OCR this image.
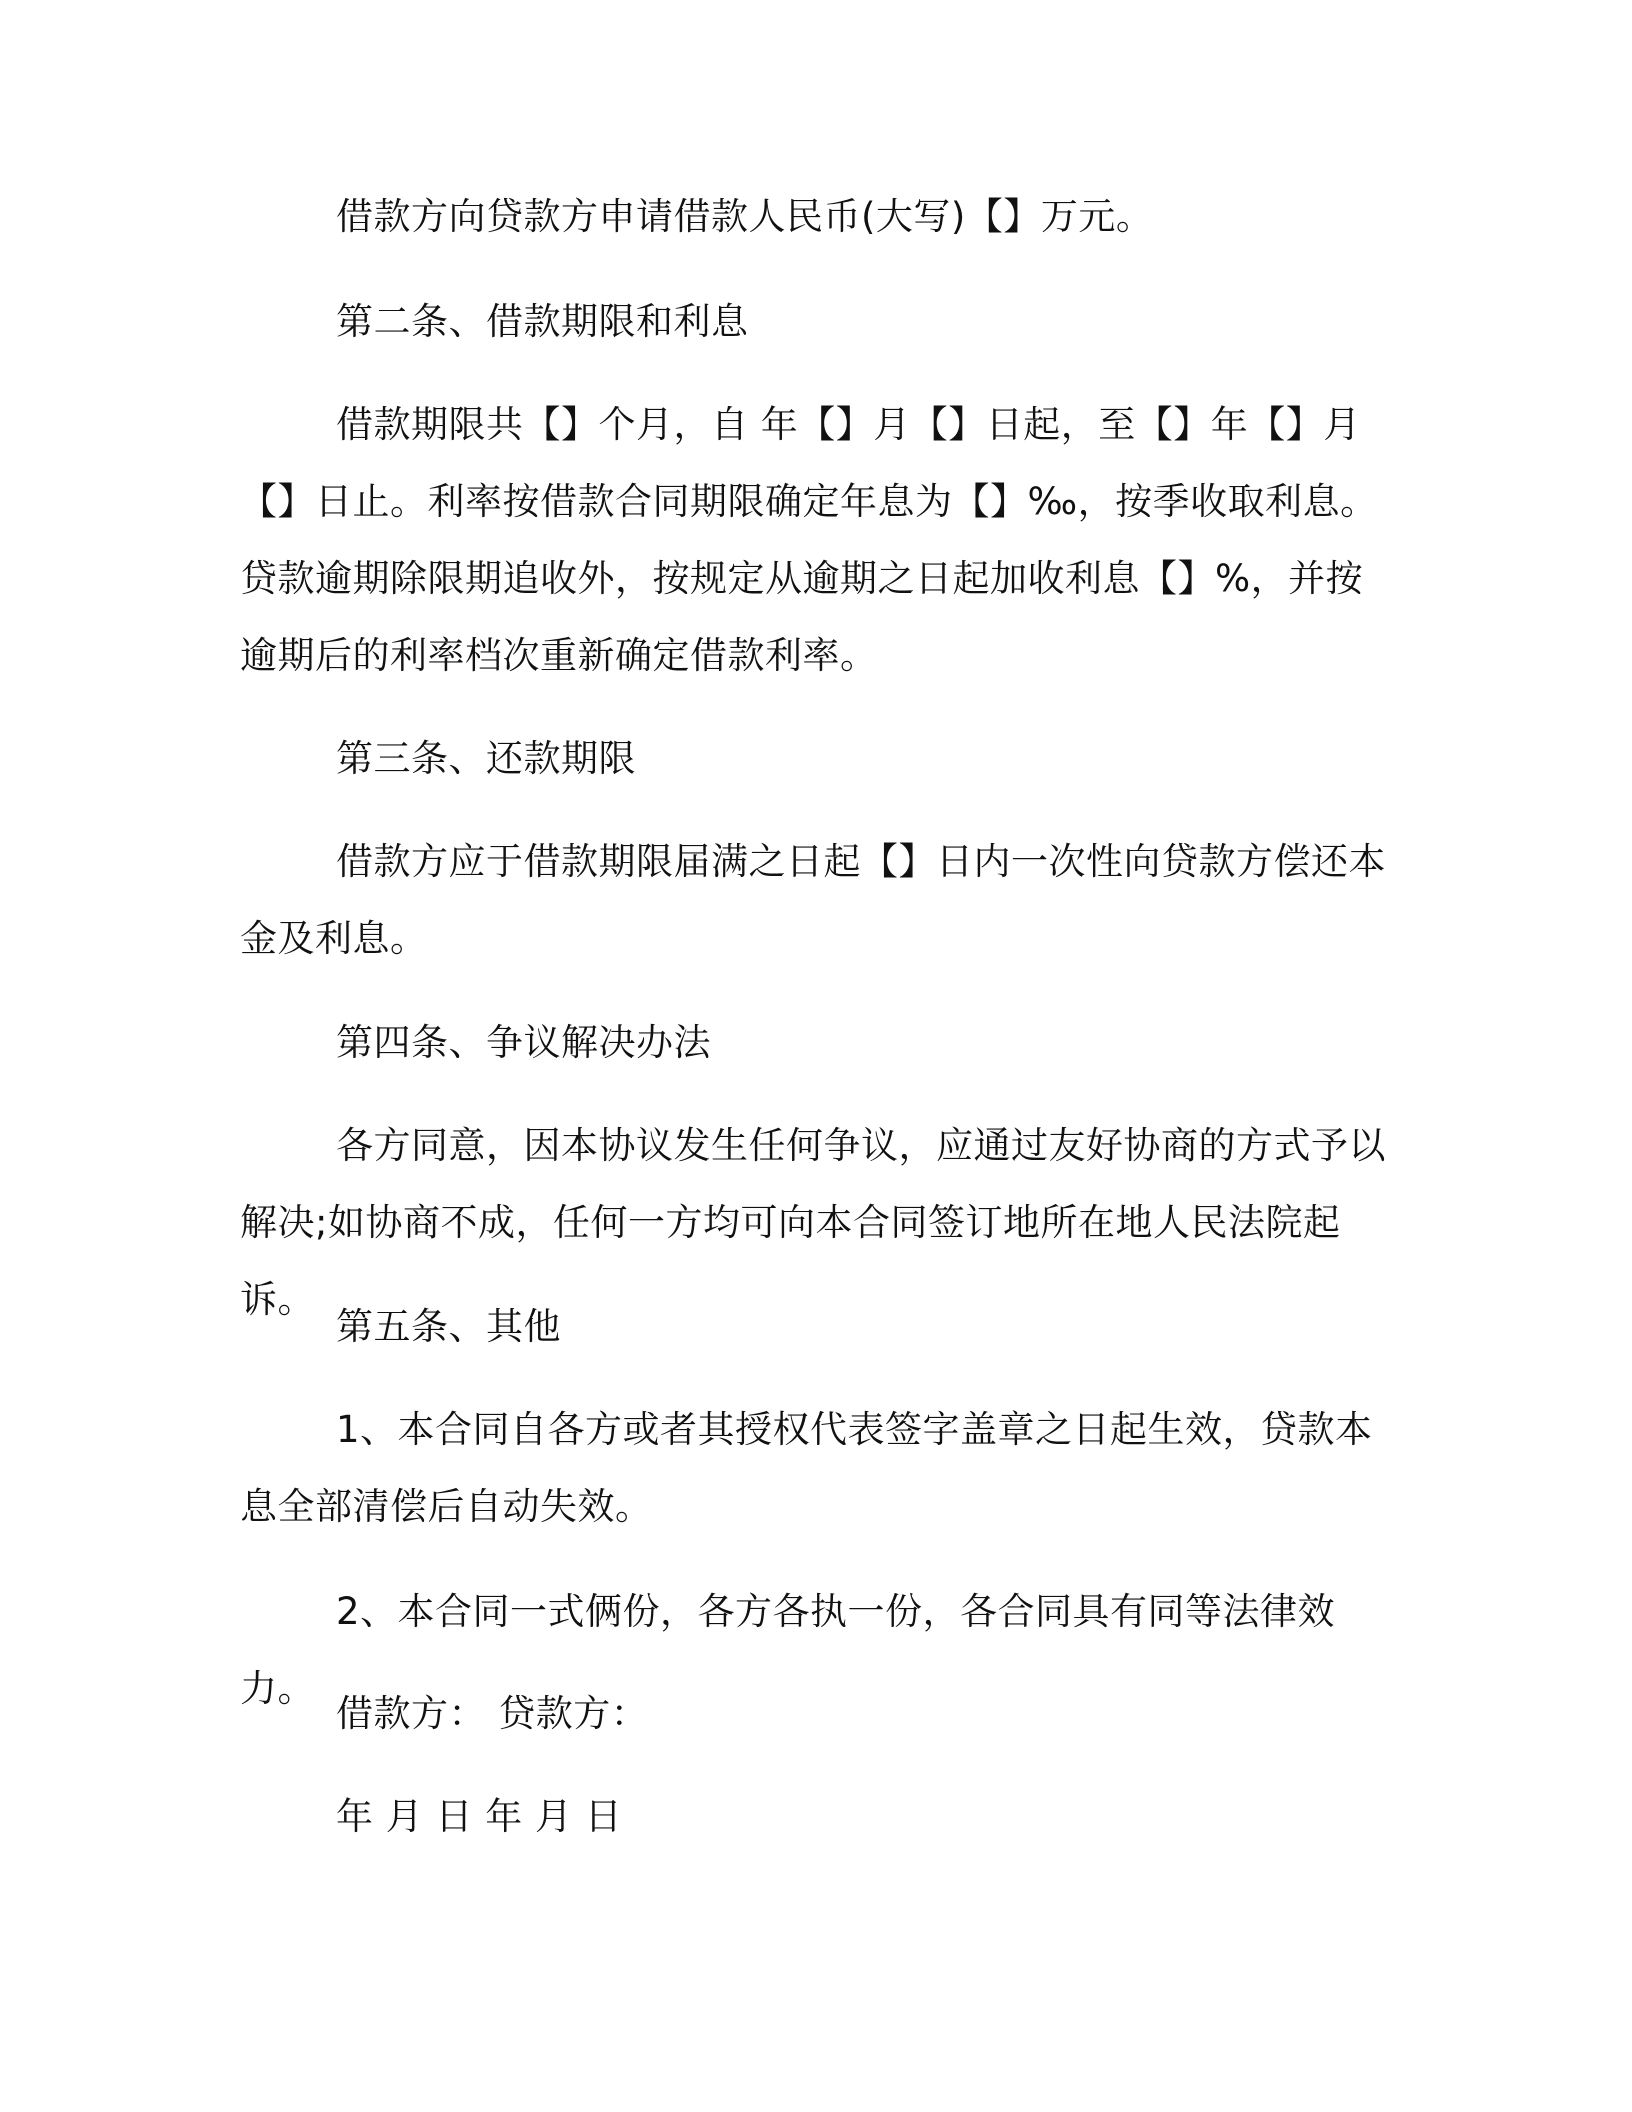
借款方向贷款方申请借款人民币(大写)【】万元。
第二条、借款期限和利息
借款期限共【】个月，自 年【】月【】日起，至【】年【】月【】日止。利率按借款合同期限确定年息为【】‰，按季收取利息。贷款逾期除限期追收外，按规定从逾期之日起加收利息【】%，并按逾期后的利率档次重新确定借款利率。
第三条、还款期限
借款方应于借款期限届满之日起【】日内一次性向贷款方偿还本金及利息。
第四条、争议解决办法
各方同意，因本协议发生任何争议，应通过友好协商的方式予以解决;如协商不成，任何一方均可向本合同签订地所在地人民法院起诉。
第五条、其他
1、本合同自各方或者其授权代表签字盖章之日起生效，贷款本息全部清偿后自动失效。
2、本合同一式俩份，各方各执一份，各合同具有同等法律效力。
借款方： 贷款方：
年 月 日 年 月 日
